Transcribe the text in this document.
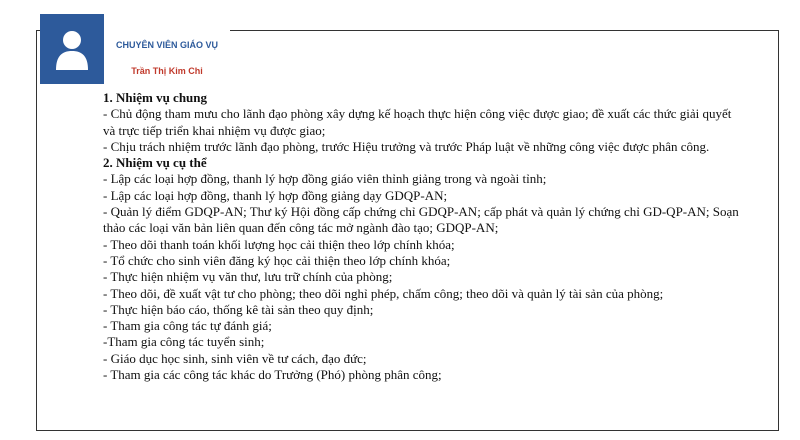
CHUYÊN VIÊN GIÁO VỤ
Trần Thị Kim Chi

1. Nhiệm vụ chung

- Chủ động tham mưu cho lãnh đạo phòng xây dựng kế hoạch thực hiện công việc được giao; đề xuất các thức giải quyết và trực tiếp triển khai nhiệm vụ được giao;

- Chịu trách nhiệm trước lãnh đạo phòng, trước Hiệu trưởng và trước Pháp luật về những công việc được phân công.

2. Nhiệm vụ cụ thể

- Lập các loại hợp đồng, thanh lý hợp đồng giáo viên thỉnh giảng trong và ngoài tỉnh;

- Lập các loại hợp đồng, thanh lý hợp đồng giảng dạy GDQP-AN;

- Quản lý điểm GDQP-AN; Thư ký Hội đồng cấp chứng chỉ GDQP-AN; cấp phát và quản lý chứng chỉ GD-QP-AN; Soạn thảo các loại văn bản liên quan đến công tác mở ngành đào tạo; GDQP-AN;

- Theo dõi thanh toán khối lượng học cải thiện theo lớp chính khóa;

- Tổ chức cho sinh viên đăng ký học cải thiện theo lớp chính khóa;

- Thực hiện nhiệm vụ văn thư, lưu trữ chính của phòng;

- Theo dõi, đề xuất vật tư cho phòng; theo dõi nghỉ phép, chấm công; theo dõi và quản lý tài sản của phòng;

- Thực hiện báo cáo, thống kê tài sản theo quy định;

- Tham gia công tác tự đánh giá;

-Tham gia công tác tuyển sinh;

- Giáo dục học sinh, sinh viên về tư cách, đạo đức;

- Tham gia các công tác khác do Trưởng (Phó) phòng phân công;
